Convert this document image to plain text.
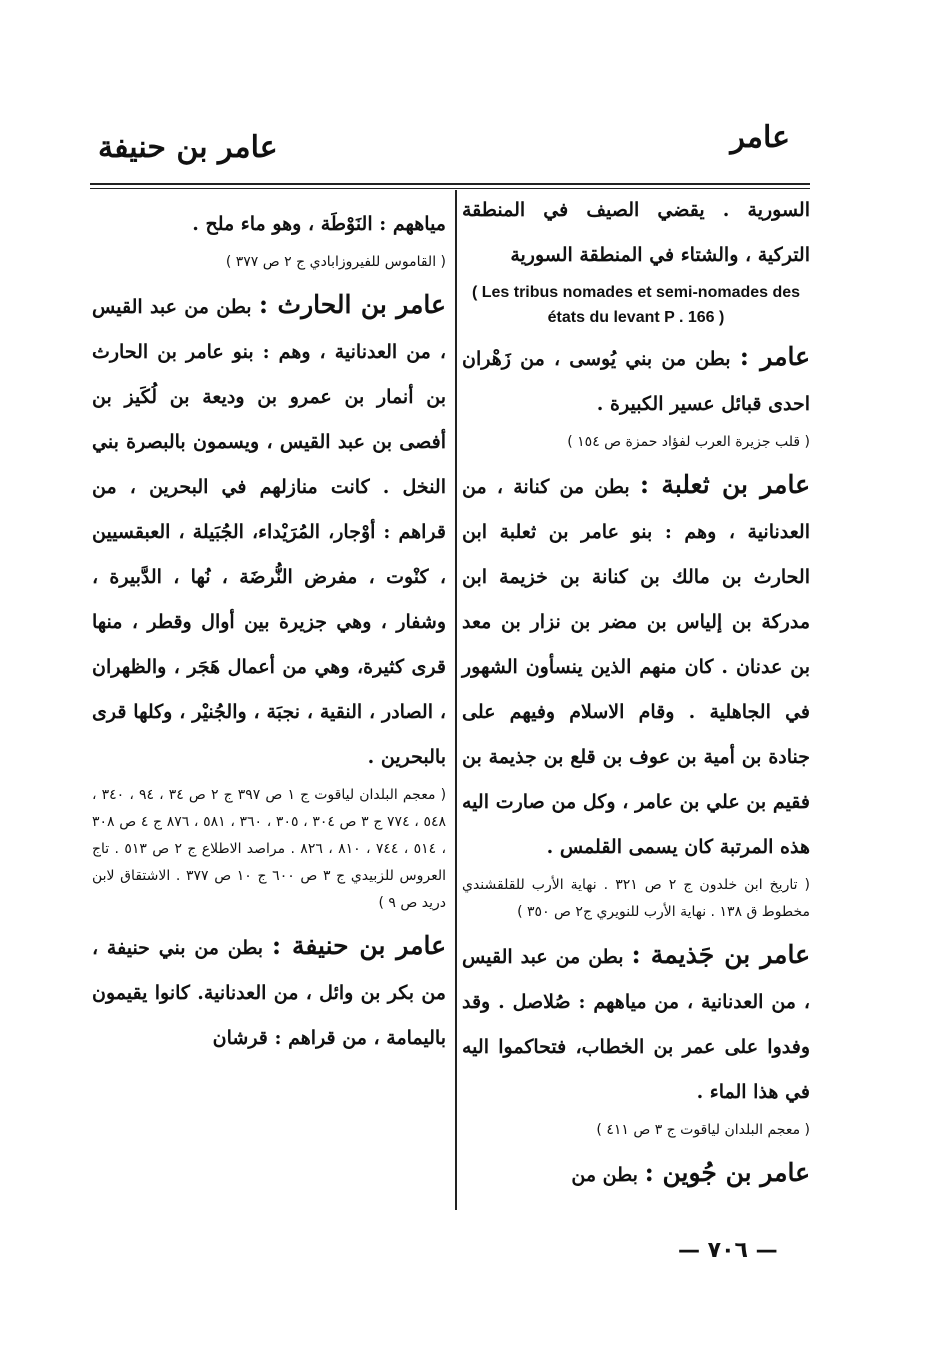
عامر
عامر بن حنيفة

السورية . يقضي الصيف في المنطقة التركية ، والشتاء في المنطقة السورية

( Les tribus nomades et semi-nomades des états du levant P . 166 )

عامر : بطن من بني يُوسى ، من زَهْران احدى قبائل عسير الكبيرة .

( قلب جزيرة العرب لفؤاد حمزة ص ١٥٤ )

عامر بن ثعلبة : بطن من كنانة ، من العدنانية ، وهم : بنو عامر بن ثعلبة ابن الحارث بن مالك بن كنانة بن خزيمة ابن مدركة بن إلياس بن مضر بن نزار بن معد بن عدنان . كان منهم الذين ينسأون الشهور في الجاهلية . وقام الاسلام وفيهم على جنادة بن أمية بن عوف بن قلع بن جذيمة بن فقيم بن علي بن عامر ، وكل من صارت اليه هذه المرتبة كان يسمى القلمس .

( تاريخ ابن خلدون ج ٢ ص ٣٢١ . نهاية الأرب للقلقشندي مخطوط ق ١٣٨ . نهاية الأرب للنويري ج٢ ص ٣٥٠ )

عامر بن جَذيمة : بطن من عبد القيس ، من العدنانية ، من مياههم : صُلاصل . وقد وفدوا على عمر بن الخطاب، فتحاكموا اليه في هذا الماء .

( معجم البلدان لياقوت ج ٣ ص ٤١١ )

عامر بن جُوين : بطن من

مياههم : النَوْطَة ، وهو ماء ملح .

( القاموس للفيروزابادي ج ٢ ص ٣٧٧ )

عامر بن الحارث : بطن من عبد القيس ، من العدنانية ، وهم : بنو عامر بن الحارث بن أنمار بن عمرو بن وديعة بن لُكَيز بن أفصى بن عبد القيس ، ويسمون بالبصرة بني النخل . كانت منازلهم في البحرين ، من قراهم : أوْجار، المُرَيْداء، الجُبَيلة ، العبقسيين ، كنْوت ، مفرض النُّرضَة ، نُها ، الدَّبيرة ، وشفار ، وهي جزيرة بين أوال وقطر ، منها قرى كثيرة، وهي من أعمال هَجَر ، والظهران ، الصادر ، النقية ، نجبَة ، والجُنيْر ، وكلها قرى بالبحرين .

( معجم البلدان لياقوت ج ١ ص ٣٩٧ ج ٢ ص ٣٤ ، ٩٤ ، ٣٤٠ ، ٥٤٨ ، ٧٧٤ ج ٣ ص ٣٠٤ ، ٣٠٥ ، ٣٦٠ ، ٥٨١ ، ٨٧٦ ج ٤ ص ٣٠٨ ، ٥١٤ ، ٧٤٤ ، ٨١٠ ، ٨٢٦ . مراصد الاطلاع ج ٢ ص ٥١٣ . تاج العروس للزبيدي ج ٣ ص ٦٠٠ ج ١٠ ص ٣٧٧ . الاشتقاق لابن دريد ص ٩ )

عامر بن حنيفة : بطن من بني حنيفة ، من بكر بن وائل ، من العدنانية. كانوا يقيمون باليمامة ، من قراهم : قرشان

— ٧٠٦ —
